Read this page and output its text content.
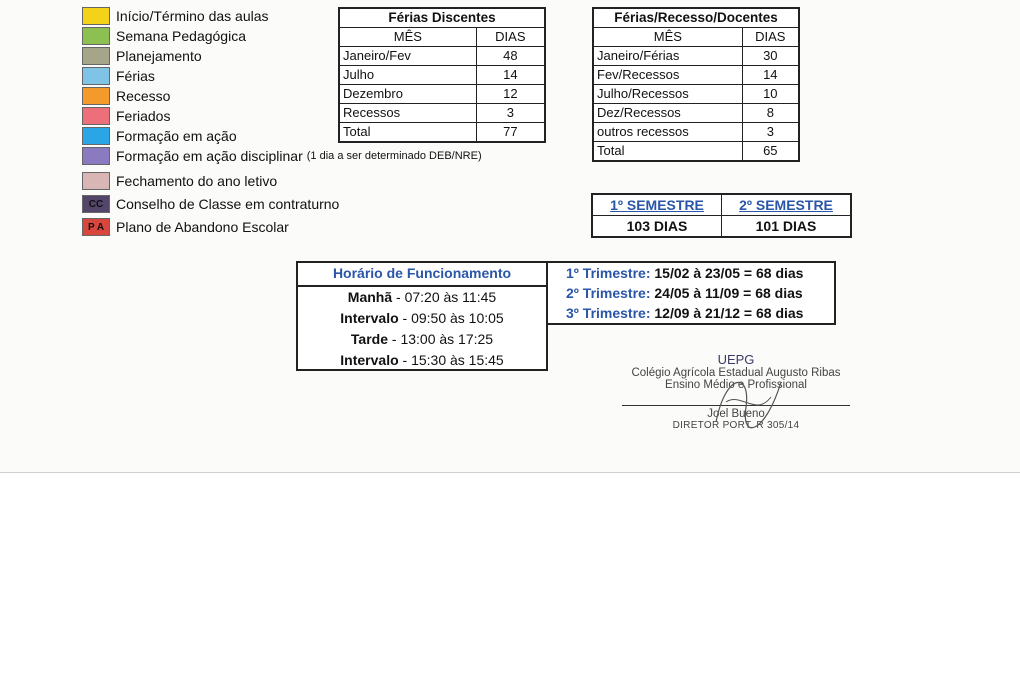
Início/Término das aulas
Semana Pedagógica
Planejamento
Férias
Recesso
Feriados
Formação em ação
Formação em ação disciplinar (1 dia a ser determinado DEB/NRE)
Fechamento do ano letivo
CC Conselho de Classe em contraturno
P A Plano de Abandono Escolar
Férias Discentes	
MÊS	DIAS
Janeiro/Fev	48
Julho	14
Dezembro	12
Recessos	3
Total	77
Férias/Recesso/Docentes	
MÊS	DIAS
Janeiro/Férias	30
Fev/Recessos	14
Julho/Recessos	10
Dez/Recessos	8
outros recessos	3
Total	65
1º SEMESTRE	2º SEMESTRE
103 DIAS	101 DIAS
Horário de Funcionamento
Manhã - 07:20 às 11:45
Intervalo - 09:50 às 10:05
Tarde - 13:00 às 17:25
Intervalo - 15:30 às 15:45
1º Trimestre: 15/02 à 23/05 = 68 dias
2º Trimestre: 24/05 à 11/09 = 68 dias
3º Trimestre: 12/09 à 21/12 = 68 dias
UEPG
Colégio Agrícola Estadual Augusto Ribas
Ensino Médio e Profissional
Joel Bueno
DIRETOR PORT. R 305/14
